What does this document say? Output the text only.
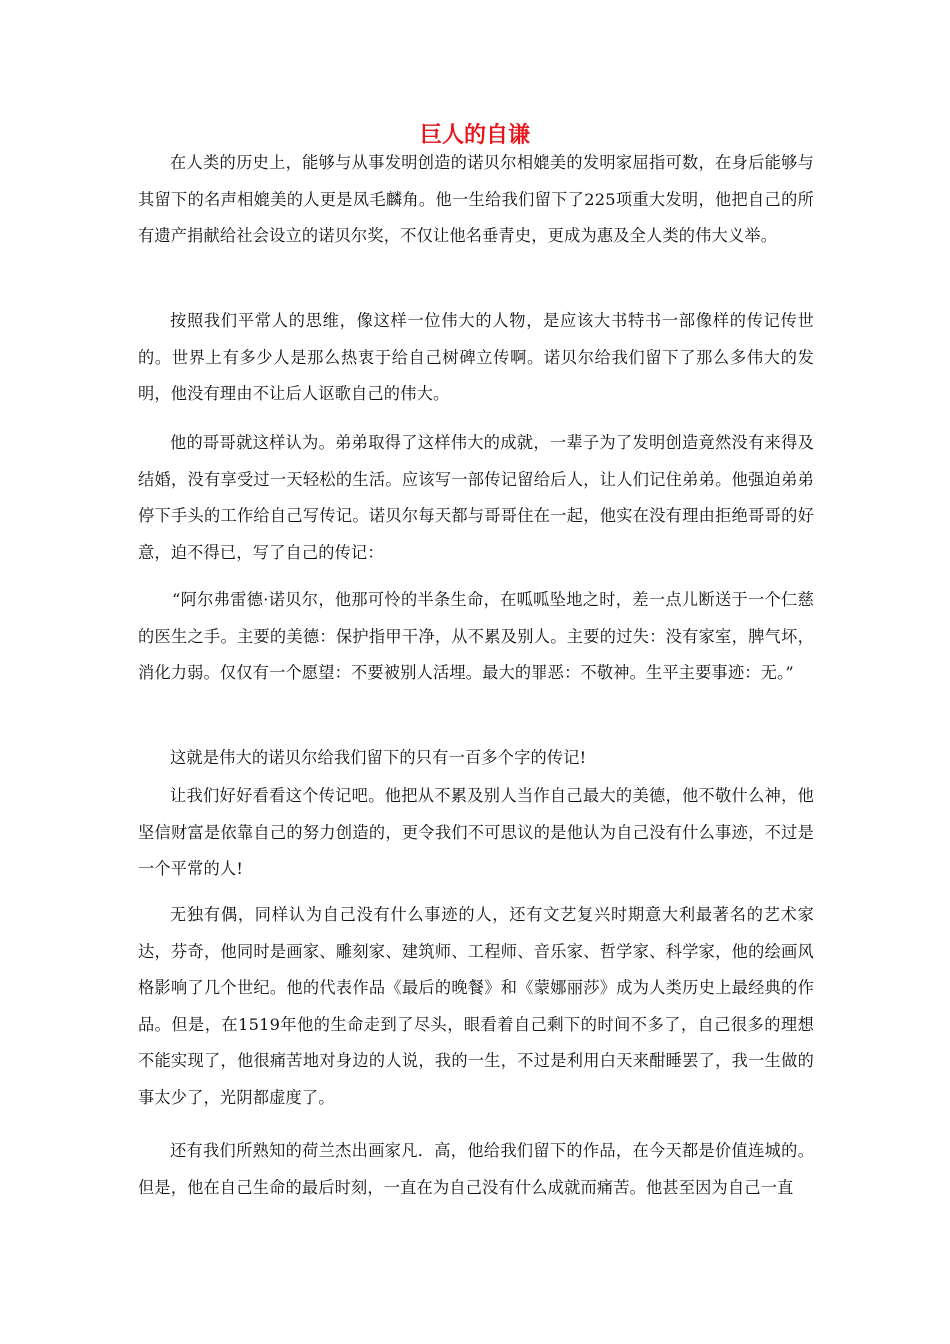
巨人的自谦

在人类的历史上，能够与从事发明创造的诺贝尔相媲美的发明家屈指可数，在身后能够与其留下的名声相媲美的人更是凤毛麟角。他一生给我们留下了225项重大发明，他把自己的所有遗产捐献给社会设立的诺贝尔奖，不仅让他名垂青史，更成为惠及全人类的伟大义举。

按照我们平常人的思维，像这样一位伟大的人物，是应该大书特书一部像样的传记传世的。世界上有多少人是那么热衷于给自己树碑立传啊。诺贝尔给我们留下了那么多伟大的发明，他没有理由不让后人讴歌自己的伟大。

他的哥哥就这样认为。弟弟取得了这样伟大的成就，一辈子为了发明创造竟然没有来得及结婚，没有享受过一天轻松的生活。应该写一部传记留给后人，让人们记住弟弟。他强迫弟弟停下手头的工作给自己写传记。诺贝尔每天都与哥哥住在一起，他实在没有理由拒绝哥哥的好意，迫不得已，写了自己的传记：

“阿尔弗雷德·诺贝尔，他那可怜的半条生命，在呱呱坠地之时，差一点儿断送于一个仁慈的医生之手。主要的美德：保护指甲干净，从不累及别人。主要的过失：没有家室，脾气坏，消化力弱。仅仅有一个愿望：不要被别人活埋。最大的罪恶：不敬神。生平主要事迹：无。”

这就是伟大的诺贝尔给我们留下的只有一百多个字的传记!

让我们好好看看这个传记吧。他把从不累及别人当作自己最大的美德，他不敬什么神，他坚信财富是依靠自己的努力创造的，更令我们不可思议的是他认为自己没有什么事迹，不过是一个平常的人!

无独有偶，同样认为自己没有什么事迹的人，还有文艺复兴时期意大利最著名的艺术家达，芬奇，他同时是画家、雕刻家、建筑师、工程师、音乐家、哲学家、科学家，他的绘画风格影响了几个世纪。他的代表作品《最后的晚餐》和《蒙娜丽莎》成为人类历史上最经典的作品。但是，在1519年他的生命走到了尽头，眼看着自己剩下的时间不多了，自己很多的理想不能实现了，他很痛苦地对身边的人说，我的一生，不过是利用白天来酣睡罢了，我一生做的事太少了，光阴都虚度了。

还有我们所熟知的荷兰杰出画家凡．高，他给我们留下的作品，在今天都是价值连城的。但是，他在自己生命的最后时刻，一直在为自己没有什么成就而痛苦。他甚至因为自己一直
